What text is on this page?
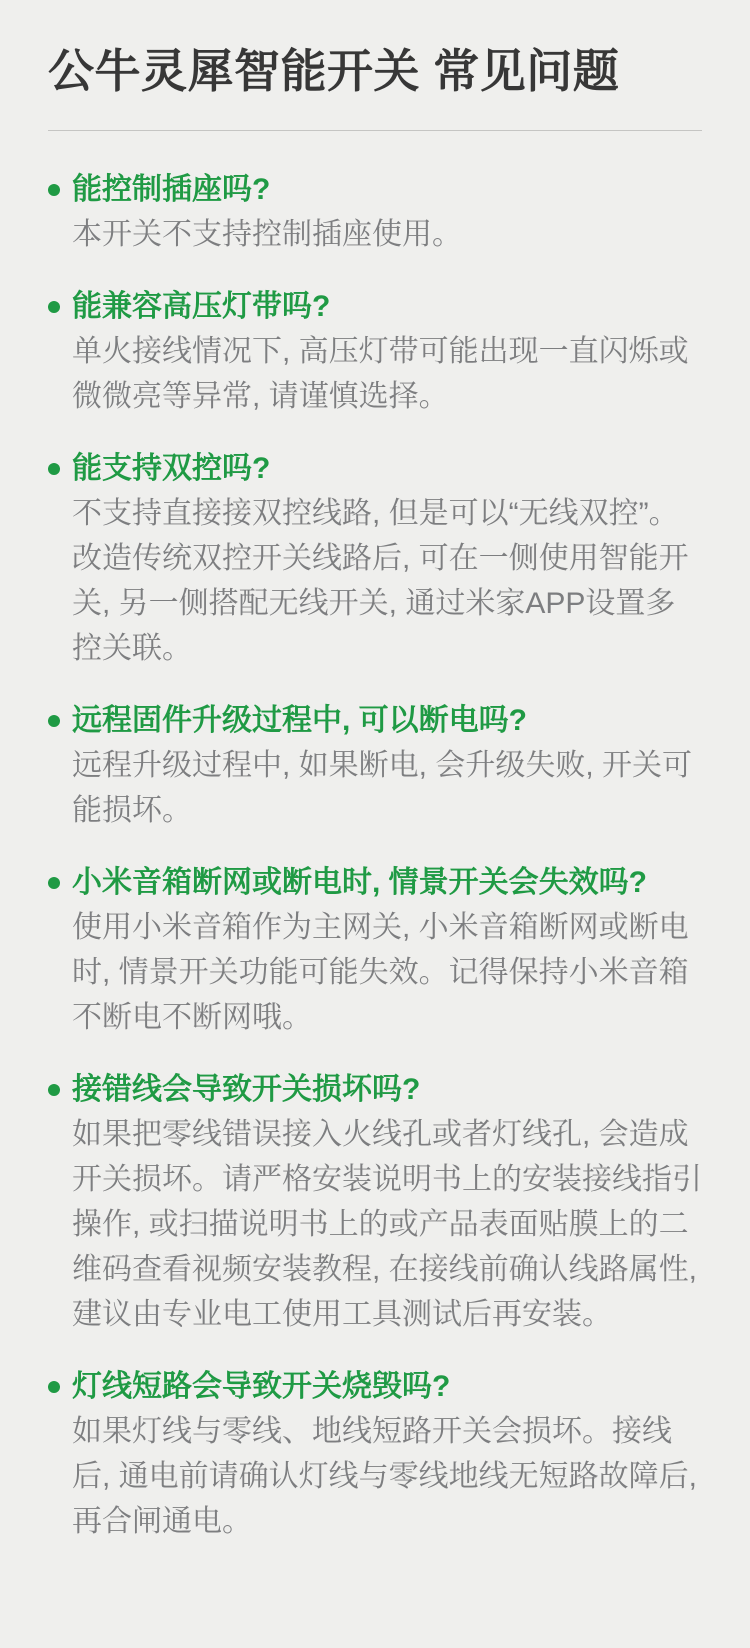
公牛灵犀智能开关 常见问题
能控制插座吗?

本开关不支持控制插座使用。

能兼容高压灯带吗?

单火接线情况下, 高压灯带可能出现一直闪烁或微微亮等异常, 请谨慎选择。

能支持双控吗?

不支持直接接双控线路, 但是可以“无线双控”。改造传统双控开关线路后, 可在一侧使用智能开关, 另一侧搭配无线开关, 通过米家APP设置多控关联。

远程固件升级过程中, 可以断电吗?

远程升级过程中, 如果断电, 会升级失败, 开关可能损坏。

小米音箱断网或断电时, 情景开关会失效吗?

使用小米音箱作为主网关, 小米音箱断网或断电时, 情景开关功能可能失效。记得保持小米音箱不断电不断网哦。

接错线会导致开关损坏吗?

如果把零线错误接入火线孔或者灯线孔, 会造成开关损坏。请严格安装说明书上的安装接线指引操作, 或扫描说明书上的或产品表面贴膜上的二维码查看视频安装教程, 在接线前确认线路属性, 建议由专业电工使用工具测试后再安装。

灯线短路会导致开关烧毁吗?

如果灯线与零线、地线短路开关会损坏。接线后, 通电前请确认灯线与零线地线无短路故障后, 再合闸通电。
